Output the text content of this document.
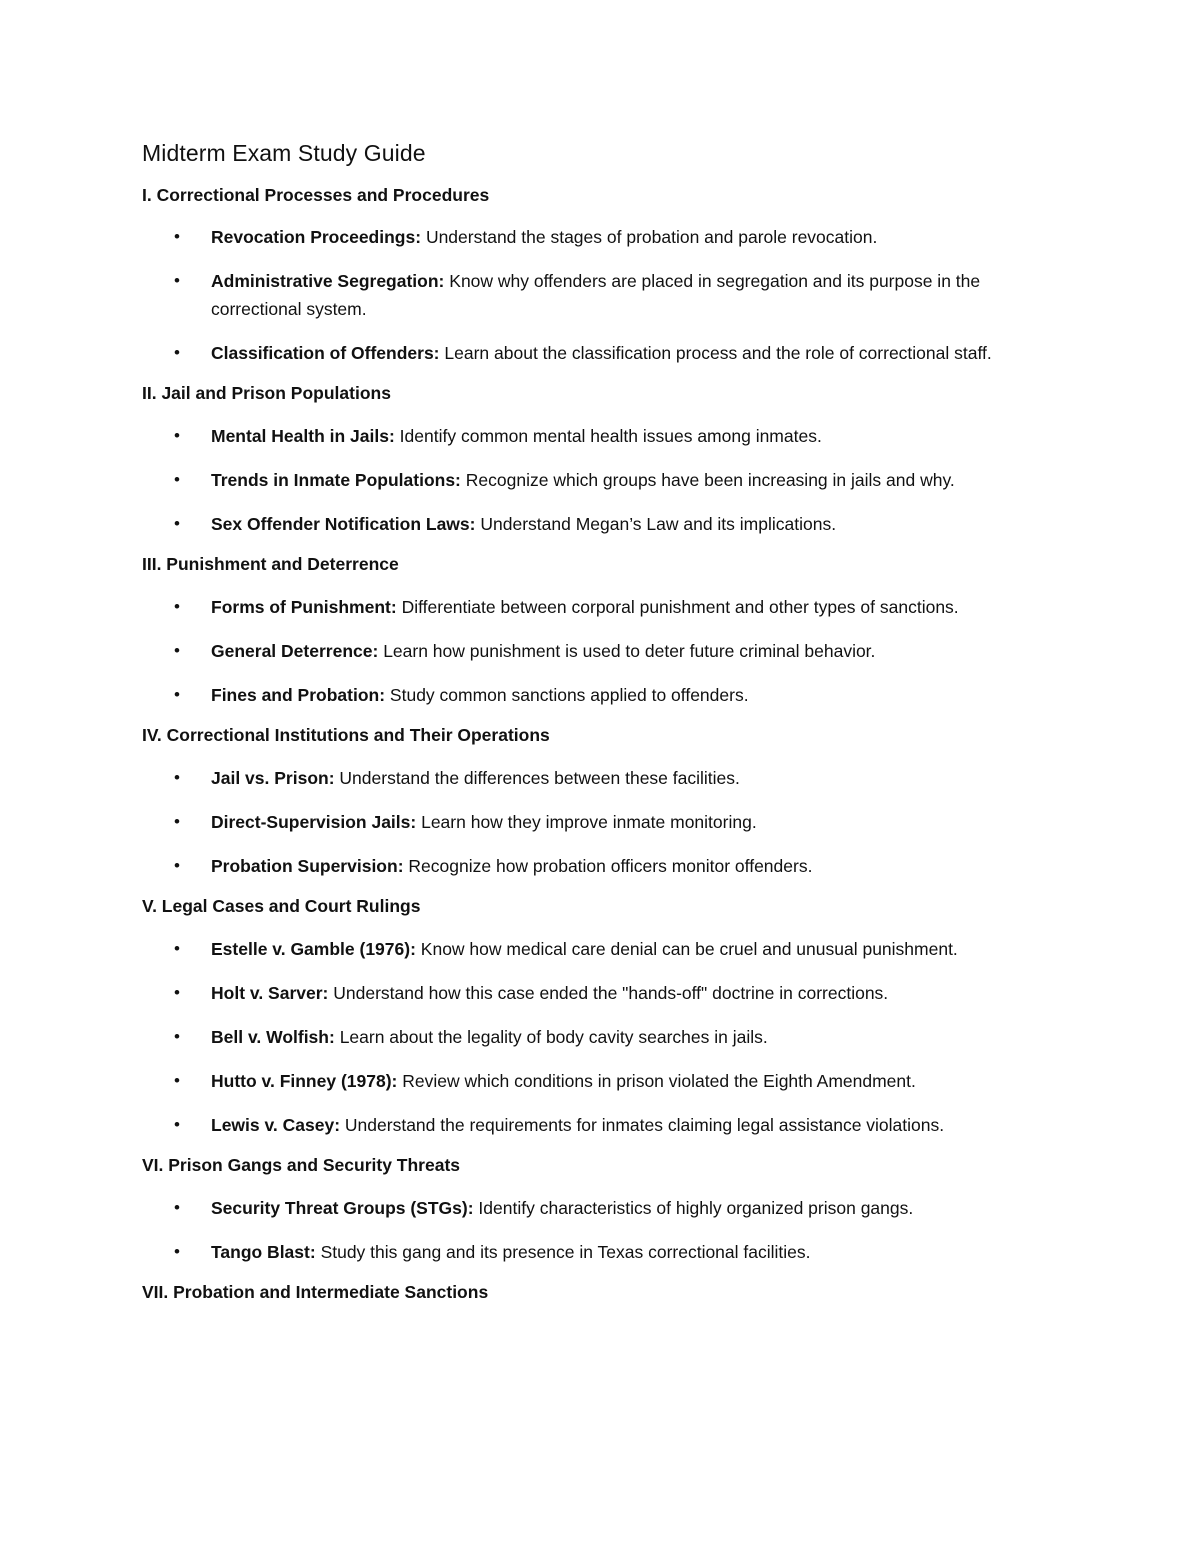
Midterm Exam Study Guide
I. Correctional Processes and Procedures
• Revocation Proceedings: Understand the stages of probation and parole revocation.
• Administrative Segregation: Know why offenders are placed in segregation and its purpose in the correctional system.
• Classification of Offenders: Learn about the classification process and the role of correctional staff.
II. Jail and Prison Populations
• Mental Health in Jails: Identify common mental health issues among inmates.
• Trends in Inmate Populations: Recognize which groups have been increasing in jails and why.
• Sex Offender Notification Laws: Understand Megan’s Law and its implications.
III. Punishment and Deterrence
• Forms of Punishment: Differentiate between corporal punishment and other types of sanctions.
• General Deterrence: Learn how punishment is used to deter future criminal behavior.
• Fines and Probation: Study common sanctions applied to offenders.
IV. Correctional Institutions and Their Operations
• Jail vs. Prison: Understand the differences between these facilities.
• Direct-Supervision Jails: Learn how they improve inmate monitoring.
• Probation Supervision: Recognize how probation officers monitor offenders.
V. Legal Cases and Court Rulings
• Estelle v. Gamble (1976): Know how medical care denial can be cruel and unusual punishment.
• Holt v. Sarver: Understand how this case ended the "hands-off" doctrine in corrections.
• Bell v. Wolfish: Learn about the legality of body cavity searches in jails.
• Hutto v. Finney (1978): Review which conditions in prison violated the Eighth Amendment.
• Lewis v. Casey: Understand the requirements for inmates claiming legal assistance violations.
VI. Prison Gangs and Security Threats
• Security Threat Groups (STGs): Identify characteristics of highly organized prison gangs.
• Tango Blast: Study this gang and its presence in Texas correctional facilities.
VII. Probation and Intermediate Sanctions
